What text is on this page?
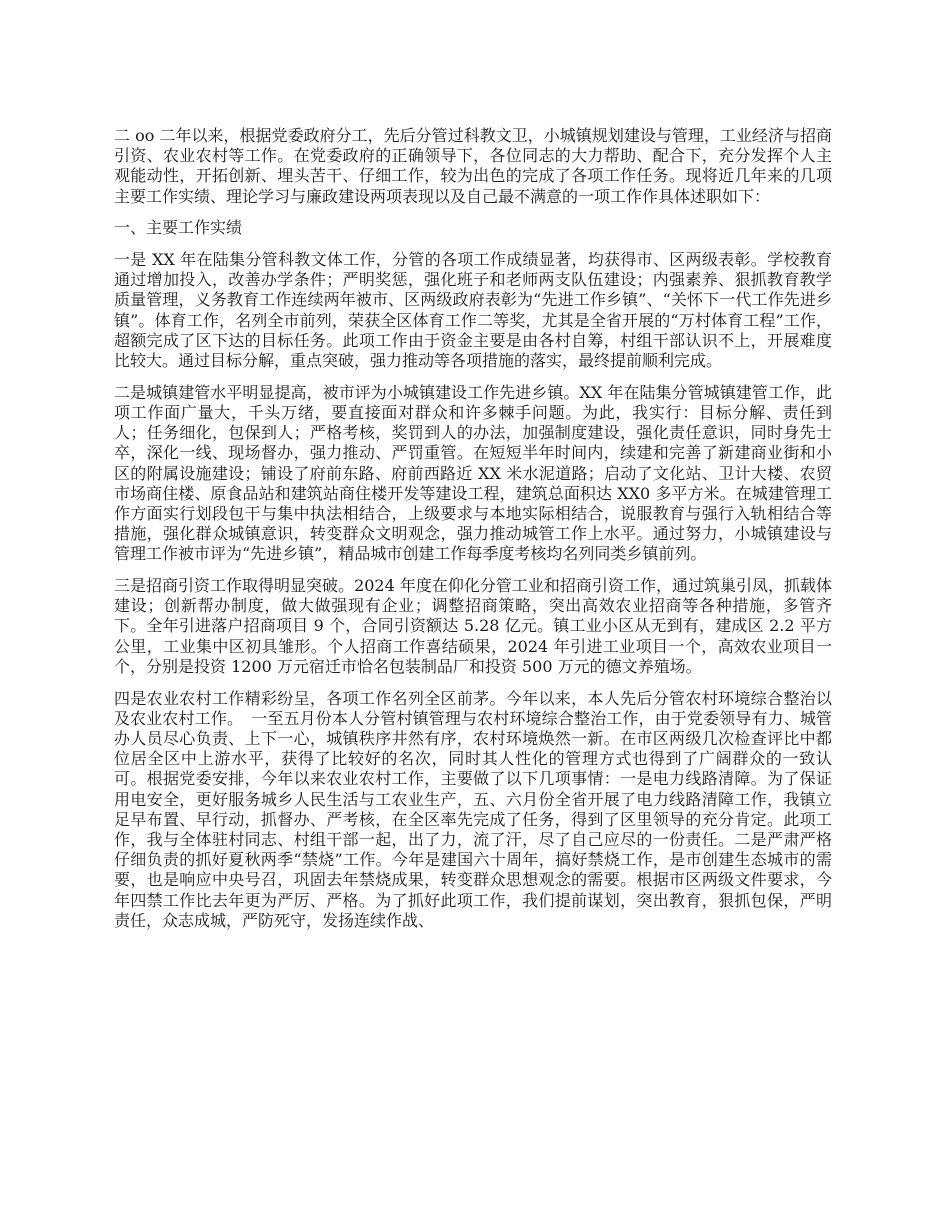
二 oo 二年以来，根据党委政府分工，先后分管过科教文卫，小城镇规划建设与管理，工业经济与招商引资、农业农村等工作。在党委政府的正确领导下，各位同志的大力帮助、配合下，充分发挥个人主观能动性，开拓创新、埋头苦干、仔细工作，较为出色的完成了各项工作任务。现将近几年来的几项主要工作实绩、理论学习与廉政建设两项表现以及自己最不满意的一项工作作具体述职如下：

一、主要工作实绩

一是 XX 年在陆集分管科教文体工作，分管的各项工作成绩显著，均获得市、区两级表彰。学校教育通过增加投入，改善办学条件；严明奖惩，强化班子和老师两支队伍建设；内强素养、狠抓教育教学质量管理，义务教育工作连续两年被市、区两级政府表彰为“先进工作乡镇”、“关怀下一代工作先进乡镇”。体育工作，名列全市前列，荣获全区体育工作二等奖，尤其是全省开展的“万村体育工程”工作，超额完成了区下达的目标任务。此项工作由于资金主要是由各村自筹，村组干部认识不上，开展难度比较大。通过目标分解，重点突破，强力推动等各项措施的落实，最终提前顺利完成。

二是城镇建管水平明显提高，被市评为小城镇建设工作先进乡镇。XX 年在陆集分管城镇建管工作，此项工作面广量大，千头万绪，要直接面对群众和许多棘手问题。为此，我实行：目标分解、责任到人；任务细化，包保到人；严格考核，奖罚到人的办法，加强制度建设，强化责任意识，同时身先士卒，深化一线、现场督办，强力推动、严罚重管。在短短半年时间内，续建和完善了新建商业街和小区的附属设施建设；铺设了府前东路、府前西路近 XX 米水泥道路；启动了文化站、卫计大楼、农贸市场商住楼、原食品站和建筑站商住楼开发等建设工程，建筑总面积达 XX0 多平方米。在城建管理工作方面实行划段包干与集中执法相结合，上级要求与本地实际相结合，说服教育与强行入轨相结合等措施，强化群众城镇意识，转变群众文明观念，强力推动城管工作上水平。通过努力，小城镇建设与管理工作被市评为“先进乡镇”，精品城市创建工作每季度考核均名列同类乡镇前列。

三是招商引资工作取得明显突破。2024 年度在仰化分管工业和招商引资工作，通过筑巢引凤，抓载体建设；创新帮办制度，做大做强现有企业；调整招商策略，突出高效农业招商等各种措施，多管齐下。全年引进落户招商项目 9 个，合同引资额达 5.28 亿元。镇工业小区从无到有，建成区 2.2 平方公里，工业集中区初具雏形。个人招商工作喜结硕果，2024 年引进工业项目一个，高效农业项目一个，分别是投资 1200 万元宿迁市恰名包装制品厂和投资 500 万元的德文养殖场。

四是农业农村工作精彩纷呈，各项工作名列全区前茅。今年以来，本人先后分管农村环境综合整治以及农业农村工作。　一至五月份本人分管村镇管理与农村环境综合整治工作，由于党委领导有力、城管办人员尽心负责、上下一心，城镇秩序井然有序，农村环境焕然一新。在市区两级几次检查评比中都位居全区中上游水平，获得了比较好的名次，同时其人性化的管理方式也得到了广阔群众的一致认可。根据党委安排，今年以来农业农村工作，主要做了以下几项事情：一是电力线路清障。为了保证用电安全，更好服务城乡人民生活与工农业生产，五、六月份全省开展了电力线路清障工作，我镇立足早布置、早行动，抓督办、严考核，在全区率先完成了任务，得到了区里领导的充分肯定。此项工作，我与全体驻村同志、村组干部一起，出了力，流了汗，尽了自己应尽的一份责任。二是严肃严格仔细负责的抓好夏秋两季“禁烧”工作。今年是建国六十周年，搞好禁烧工作，是市创建生态城市的需要，也是响应中央号召，巩固去年禁烧成果，转变群众思想观念的需要。根据市区两级文件要求，今年四禁工作比去年更为严厉、严格。为了抓好此项工作，我们提前谋划，突出教育，狠抓包保，严明责任，众志成城，严防死守，发扬连续作战、
